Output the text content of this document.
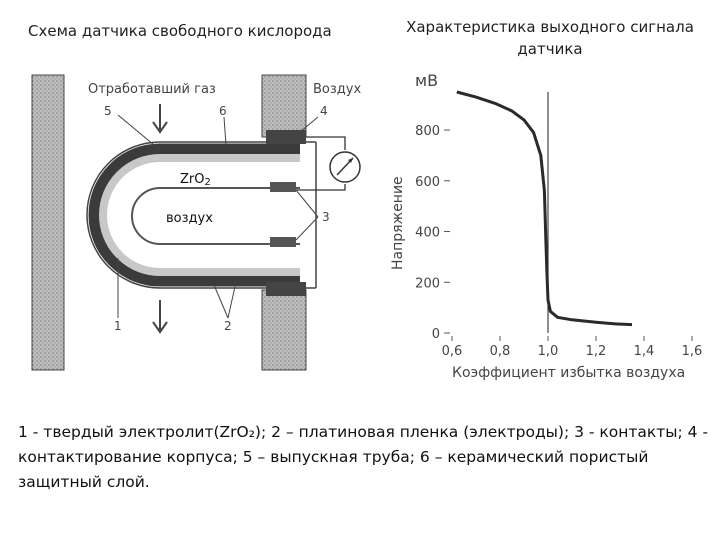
Схема датчика свободного кислорода	Характеристика выходного сигнала
датчика
Отработавший газ	Воздух
5	6	4
3
1	2
ZrO2
воздух
0
200
400
600
800
0,6 0,8 1,0 1,2 1,4 1,6
мВ
Напряжение
Коэффициент избытка воздуха
1 - твердый электролит(ZrO₂); 2 – платиновая пленка (электроды); 3 - контакты; 4 - контактирование корпуса; 5 – выпускная труба; 6 – керамический пористый защитный слой.
